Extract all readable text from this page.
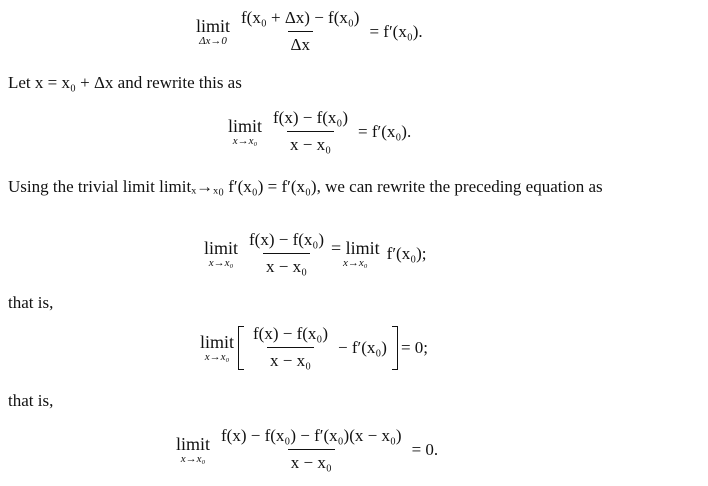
limit
$\Delta x\to 0 \frac{\text{f(x₀ + Δx) − f(x₀)}}{\Delta x} = f'(x_0)$.
Let x = x₀ + Δx and rewrite this as
limit
$x\to x_0 \frac{\text{f(x) − f(x₀)}}{\text{x − x₀}} = f'(x_0)$.
Using the trivial limit limitₓ→ₓ₀ f′(x₀) = f′(x₀), we can rewrite the preceding equation as
limit
$x\to x_0 \frac{\text{f(x) − f(x₀)}}{\text{x − x₀}}$ = limit
x→x₀ f′(x₀);
that is,
limit
$x\to x_0 \frac{\text{f(x) − f(x₀)}}{\text{x − x₀}} - f'(x_0) = 0$;
that is,
limit
$x\to x_0 \frac{\text{f(x) − f(x₀) − f′(x₀)(x − x₀)}}{\text{x − x₀}} = 0$.
